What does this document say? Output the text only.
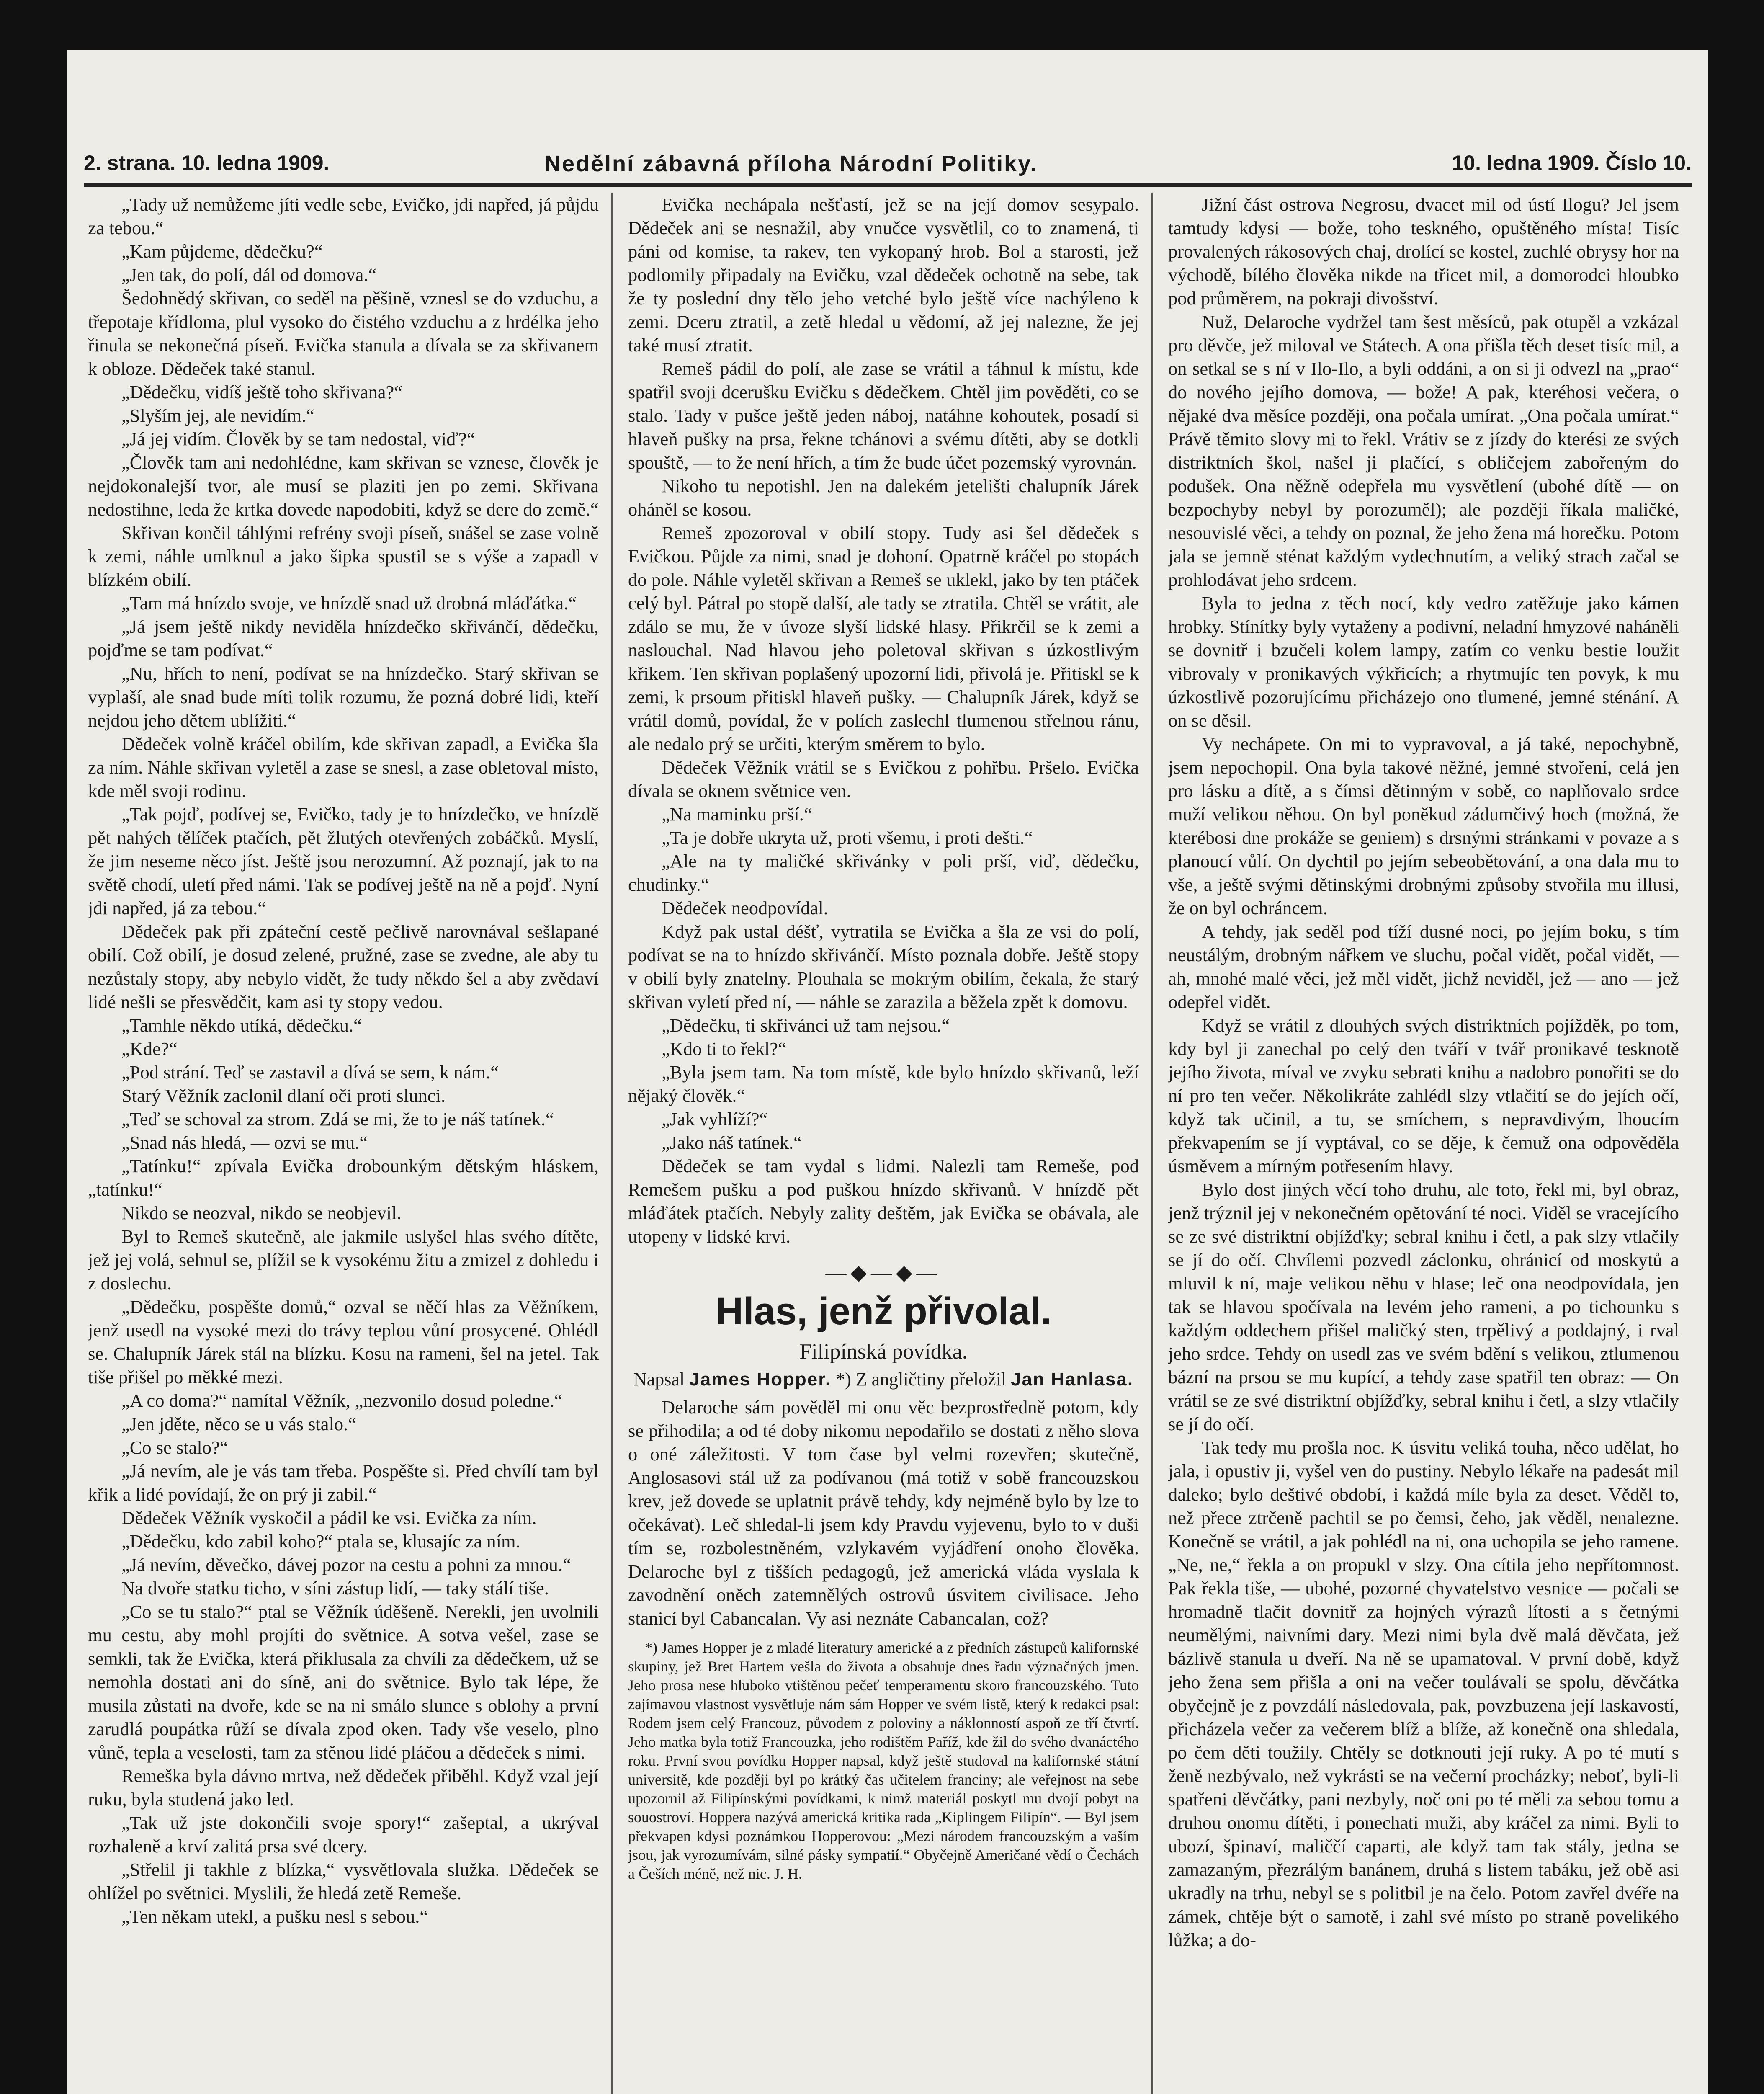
2. strana. 10. ledna 1909.	Nedělní zábavná příloha Národní Politiky.	10. ledna 1909. Číslo 10.

„Tady už nemůžeme jíti vedle sebe, Evičko, jdi napřed, já půjdu za tebou.“

„Kam půjdeme, dědečku?“

„Jen tak, do polí, dál od domova.“

Šedohnědý skřivan, co seděl na pěšině, vznesl se do vzduchu, a třepotaje křídloma, plul vysoko do čistého vzduchu a z hrdélka jeho řinula se nekonečná píseň. Evička stanula a dívala se za skřivanem k obloze. Dědeček také stanul.

„Dědečku, vidíš ještě toho skřivana?“

„Slyším jej, ale nevidím.“

„Já jej vidím. Člověk by se tam nedostal, viď?“

„Člověk tam ani nedohlédne, kam skřivan se vznese, člověk je nejdokonalejší tvor, ale musí se plaziti jen po zemi. Skřivana nedostihne, leda že krtka dovede napodobiti, když se dere do země.“

Skřivan končil táhlými refrény svoji píseň, snášel se zase volně k zemi, náhle umlknul a jako šipka spustil se s výše a zapadl v blízkém obilí.

„Tam má hnízdo svoje, ve hnízdě snad už drobná mláďátka.“

„Já jsem ještě nikdy neviděla hnízdečko skřivánčí, dědečku, pojďme se tam podívat.“

„Nu, hřích to není, podívat se na hnízdečko. Starý skřivan se vyplaší, ale snad bude míti tolik rozumu, že pozná dobré lidi, kteří nejdou jeho dětem ublížiti.“

Dědeček volně kráčel obilím, kde skřivan zapadl, a Evička šla za ním. Náhle skřivan vyletěl a zase se snesl, a zase obletoval místo, kde měl svoji rodinu.

„Tak pojď, podívej se, Evičko, tady je to hnízdečko, ve hnízdě pět nahých tělíček ptačích, pět žlutých otevřených zobáčků. Myslí, že jim neseme něco jíst. Ještě jsou nerozumní. Až poznají, jak to na světě chodí, uletí před námi. Tak se podívej ještě na ně a pojď. Nyní jdi napřed, já za tebou.“

Dědeček pak při zpáteční cestě pečlivě narovnával sešlapané obilí. Což obilí, je dosud zelené, pružné, zase se zvedne, ale aby tu nezůstaly stopy, aby nebylo vidět, že tudy někdo šel a aby zvědaví lidé nešli se přesvědčit, kam asi ty stopy vedou.

„Tamhle někdo utíká, dědečku.“

„Kde?“

„Pod strání. Teď se zastavil a dívá se sem, k nám.“

Starý Věžník zaclonil dlaní oči proti slunci.

„Teď se schoval za strom. Zdá se mi, že to je náš tatínek.“

„Snad nás hledá, — ozvi se mu.“

„Tatínku!“ zpívala Evička drobounkým dětským hláskem, „tatínku!“

Nikdo se neozval, nikdo se neobjevil.

Byl to Remeš skutečně, ale jakmile uslyšel hlas svého dítěte, jež jej volá, sehnul se, plížil se k vysokému žitu a zmizel z dohledu i z doslechu.

„Dědečku, pospěšte domů,“ ozval se něčí hlas za Věžníkem, jenž usedl na vysoké mezi do trávy teplou vůní prosycené. Ohlédl se. Chalupník Járek stál na blízku. Kosu na rameni, šel na jetel. Tak tiše přišel po měkké mezi.

„A co doma?“ namítal Věžník, „nezvonilo dosud poledne.“

„Jen jděte, něco se u vás stalo.“

„Co se stalo?“

„Já nevím, ale je vás tam třeba. Pospěšte si. Před chvílí tam byl křik a lidé povídají, že on prý ji zabil.“

Dědeček Věžník vyskočil a pádil ke vsi. Evička za ním.

„Dědečku, kdo zabil koho?“ ptala se, klusajíc za ním.

„Já nevím, děvečko, dávej pozor na cestu a pohni za mnou.“

Na dvoře statku ticho, v síni zástup lidí, — taky stálí tiše.

„Co se tu stalo?“ ptal se Věžník úděšeně. Nerekli, jen uvolnili mu cestu, aby mohl projíti do světnice. A sotva vešel, zase se semkli, tak že Evička, která přiklusala za chvíli za dědečkem, už se nemohla dostati ani do síně, ani do světnice. Bylo tak lépe, že musila zůstati na dvoře, kde se na ni smálo slunce s oblohy a první zarudlá poupátka růží se dívala zpod oken. Tady vše veselo, plno vůně, tepla a veselosti, tam za stěnou lidé pláčou a dědeček s nimi.

Remeška byla dávno mrtva, než dědeček přiběhl. Když vzal její ruku, byla studená jako led.

„Tak už jste dokončili svoje spory!“ zašeptal, a ukrýval rozhaleně a krví zalitá prsa své dcery.

„Střelil ji takhle z blízka,“ vysvětlovala služka. Dědeček se ohlížel po světnici. Myslili, že hledá zetě Remeše.

„Ten někam utekl, a pušku nesl s sebou.“

Evička nechápala nešťastí, jež se na její domov sesypalo. Dědeček ani se nesnažil, aby vnučce vysvětlil, co to znamená, ti páni od komise, ta rakev, ten vykopaný hrob. Bol a starosti, jež podlomily připadaly na Evičku, vzal dědeček ochotně na sebe, tak že ty poslední dny tělo jeho vetché bylo ještě více nachýleno k zemi. Dceru ztratil, a zetě hledal u vědomí, až jej nalezne, že jej také musí ztratit.

Remeš pádil do polí, ale zase se vrátil a táhnul k místu, kde spatřil svoji dcerušku Evičku s dědečkem. Chtěl jim pověděti, co se stalo. Tady v pušce ještě jeden náboj, natáhne kohoutek, posadí si hlaveň pušky na prsa, řekne tchánovi a svému dítěti, aby se dotkli spouště, — to že není hřích, a tím že bude účet pozemský vyrovnán.

Nikoho tu nepotishl. Jen na dalekém jetelišti chalupník Járek oháněl se kosou.

Remeš zpozoroval v obilí stopy. Tudy asi šel dědeček s Evičkou. Půjde za nimi, snad je dohoní. Opatrně kráčel po stopách do pole. Náhle vyletěl skřivan a Remeš se uklekl, jako by ten ptáček celý byl. Pátral po stopě další, ale tady se ztratila. Chtěl se vrátit, ale zdálo se mu, že v úvoze slyší lidské hlasy. Přikrčil se k zemi a naslouchal. Nad hlavou jeho poletoval skřivan s úzkostlivým křikem. Ten skřivan poplašený upozorní lidi, přivolá je. Přitiskl se k zemi, k prsoum přitiskl hlaveň pušky. — Chalupník Járek, když se vrátil domů, povídal, že v polích zaslechl tlumenou střelnou ránu, ale nedalo prý se určiti, kterým směrem to bylo.

Dědeček Věžník vrátil se s Evičkou z pohřbu. Pršelo. Evička dívala se oknem světnice ven.

„Na maminku prší.“

„Ta je dobře ukryta už, proti všemu, i proti dešti.“

„Ale na ty maličké skřivánky v poli prší, viď, dědečku, chudinky.“

Dědeček neodpovídal.

Když pak ustal déšť, vytratila se Evička a šla ze vsi do polí, podívat se na to hnízdo skřivánčí. Místo poznala dobře. Ještě stopy v obilí byly znatelny. Plouhala se mokrým obilím, čekala, že starý skřivan vyletí před ní, — náhle se zarazila a běžela zpět k domovu.

„Dědečku, ti skřivánci už tam nejsou.“

„Kdo ti to řekl?“

„Byla jsem tam. Na tom místě, kde bylo hnízdo skřivanů, leží nějaký člověk.“

„Jak vyhlíží?“

„Jako náš tatínek.“

Dědeček se tam vydal s lidmi. Nalezli tam Remeše, pod Remešem pušku a pod puškou hnízdo skřivanů. V hnízdě pět mláďátek ptačích. Nebyly zality deštěm, jak Evička se obávala, ale utopeny v lidské krvi.

—◆—◆—
Hlas, jenž přivolal.
Filipínská povídka.
Napsal James Hopper. *) Z angličtiny přeložil Jan Hanlasa.

Delaroche sám pověděl mi onu věc bezprostředně potom, kdy se přihodila; a od té doby nikomu nepodařilo se dostati z něho slova o oné záležitosti. V tom čase byl velmi rozevřen; skutečně, Anglosasovi stál už za podívanou (má totiž v sobě francouzskou krev, jež dovede se uplatnit právě tehdy, kdy nejméně bylo by lze to očekávat). Leč shledal-li jsem kdy Pravdu vyjevenu, bylo to v duši tím se, rozbolestněném, vzlykavém vyjádření onoho člověka. Delaroche byl z tišších pedagogů, jež americká vláda vyslala k zavodnění oněch zatemnělých ostrovů úsvitem civilisace. Jeho stanicí byl Cabancalan. Vy asi neznáte Cabancalan, což?

*) James Hopper je z mladé literatury americké a z předních zástupců kalifornské skupiny, jež Bret Hartem vešla do života a obsahuje dnes řadu význačných jmen. Jeho prosa nese hluboko vtištěnou pečeť temperamentu skoro francouzského. Tuto zajímavou vlastnost vysvětluje nám sám Hopper ve svém listě, který k redakci psal: Rodem jsem celý Francouz, původem z poloviny a náklonností aspoň ze tří čtvrtí. Jeho matka byla totiž Francouzka, jeho rodištěm Paříž, kde žil do svého dvanáctého roku. První svou povídku Hopper napsal, když ještě studoval na kalifornské státní universitě, kde později byl po krátký čas učitelem franciny; ale veřejnost na sebe upozornil až Filipínskými povídkami, k nimž materiál poskytl mu dvojí pobyt na souostroví. Hoppera nazývá americká kritika rada „Kiplingem Filipín“. — Byl jsem překvapen kdysi poznámkou Hopperovou: „Mezi národem francouzským a vaším jsou, jak vyrozumívám, silné pásky sympatií.“ Obyčejně Američané vědí o Čechách a Češích méně, než nic. J. H.

Jižní část ostrova Negrosu, dvacet mil od ústí Ilogu? Jel jsem tamtudy kdysi — bože, toho teskného, opuštěného místa! Tisíc provalených rákosových chaj, drolící se kostel, zuchlé obrysy hor na východě, bílého člověka nikde na třicet mil, a domorodci hloubko pod průměrem, na pokraji divošství.

Nuž, Delaroche vydržel tam šest měsíců, pak otupěl a vzkázal pro děvče, jež miloval ve Státech. A ona přišla těch deset tisíc mil, a on setkal se s ní v Ilo-Ilo, a byli oddáni, a on si ji odvezl na „prao“ do nového jejího domova, — bože! A pak, kteréhosi večera, o nějaké dva měsíce později, ona počala umírat. „Ona počala umírat.“ Právě těmito slovy mi to řekl. Vrátiv se z jízdy do kterési ze svých distriktních škol, našel ji plačící, s obličejem zabořeným do podušek. Ona něžně odepřela mu vysvětlení (ubohé dítě — on bezpochyby nebyl by porozuměl); ale později říkala maličké, nesouvislé věci, a tehdy on poznal, že jeho žena má horečku. Potom jala se jemně sténat každým vydechnutím, a veliký strach začal se prohlodávat jeho srdcem.

Byla to jedna z těch nocí, kdy vedro zatěžuje jako kámen hrobky. Stínítky byly vytaženy a podivní, neladní hmyzové naháněli se dovnitř i bzučeli kolem lampy, zatím co venku bestie loužit vibrovaly v pronikavých výkřicích; a rhytmujíc ten povyk, k mu úzkostlivě pozorujícímu přicházejo ono tlumené, jemné sténání. A on se děsil.

Vy nechápete. On mi to vypravoval, a já také, nepochybně, jsem nepochopil. Ona byla takové něžné, jemné stvoření, celá jen pro lásku a dítě, a s čímsi dětinným v sobě, co naplňovalo srdce muží velikou něhou. On byl poněkud zádumčivý hoch (možná, že kterébosi dne prokáže se geniem) s drsnými stránkami v povaze a s planoucí vůlí. On dychtil po jejím sebeobětování, a ona dala mu to vše, a ještě svými dětinskými drobnými způsoby stvořila mu illusi, že on byl ochráncem.

A tehdy, jak seděl pod tíží dusné noci, po jejím boku, s tím neustálým, drobným nářkem ve sluchu, počal vidět, počal vidět, — ah, mnohé malé věci, jež měl vidět, jichž neviděl, jež — ano — jež odepřel vidět.

Když se vrátil z dlouhých svých distriktních pojížděk, po tom, kdy byl ji zanechal po celý den tváří v tvář pronikavé tesknotě jejího života, míval ve zvyku sebrati knihu a nadobro ponořiti se do ní pro ten večer. Několikráte zahlédl slzy vtlačití se do jejích očí, když tak učinil, a tu, se smíchem, s nepravdivým, lhoucím překvapením se jí vyptával, co se děje, k čemuž ona odpověděla úsměvem a mírným potřesením hlavy.

Bylo dost jiných věcí toho druhu, ale toto, řekl mi, byl obraz, jenž trýznil jej v nekonečném opětování té noci. Viděl se vracejícího se ze své distriktní objížďky; sebral knihu i četl, a pak slzy vtlačily se jí do očí. Chvílemi pozvedl záclonku, ohránicí od moskytů a mluvil k ní, maje velikou něhu v hlase; leč ona neodpovídala, jen tak se hlavou spočívala na levém jeho rameni, a po tichounku s každým oddechem přišel maličký sten, trpělivý a poddajný, i rval jeho srdce. Tehdy on usedl zas ve svém bdění s velikou, ztlumenou bázní na prsou se mu kupící, a tehdy zase spatřil ten obraz: — On vrátil se ze své distriktní objížďky, sebral knihu i četl, a slzy vtlačily se jí do očí.

Tak tedy mu prošla noc. K úsvitu veliká touha, něco udělat, ho jala, i opustiv ji, vyšel ven do pustiny. Nebylo lékaře na padesát mil daleko; bylo deštivé období, i každá míle byla za deset. Věděl to, než přece ztrčeně pachtil se po čemsi, čeho, jak věděl, nenalezne. Konečně se vrátil, a jak pohlédl na ni, ona uchopila se jeho ramene. „Ne, ne,“ řekla a on propukl v slzy. Ona cítila jeho nepřítomnost. Pak řekla tiše, — ubohé, pozorné chyvatelstvo vesnice — počali se hromadně tlačit dovnitř za hojných výrazů lítosti a s četnými neumělými, naivními dary. Mezi nimi byla dvě malá děvčata, jež bázlivě stanula u dveří. Na ně se upamatoval. V první době, když jeho žena sem přišla a oni na večer toulávali se spolu, děvčátka obyčejně je z povzdálí následovala, pak, povzbuzena její laskavostí, přicházela večer za večerem blíž a blíže, až konečně ona shledala, po čem děti toužily. Chtěly se dotknouti její ruky. A po té mutí s ženě nezbývalo, než vykrásti se na večerní procházky; neboť, byli-li spatřeni děvčátky, pani nezbyly, noč oni po té měli za sebou tomu a druhou onomu dítěti, i ponechati muži, aby kráčel za nimi. Byli to ubozí, špinaví, maliččí caparti, ale když tam tak stály, jedna se zamazaným, přezrálým banánem, druhá s listem tabáku, jež obě asi ukradly na trhu, nebyl se s politbil je na čelo. Potom zavřel dvéře na zámek, chtěje být o samotě, i zahl své místo po straně povelikého lůžka; a do-
